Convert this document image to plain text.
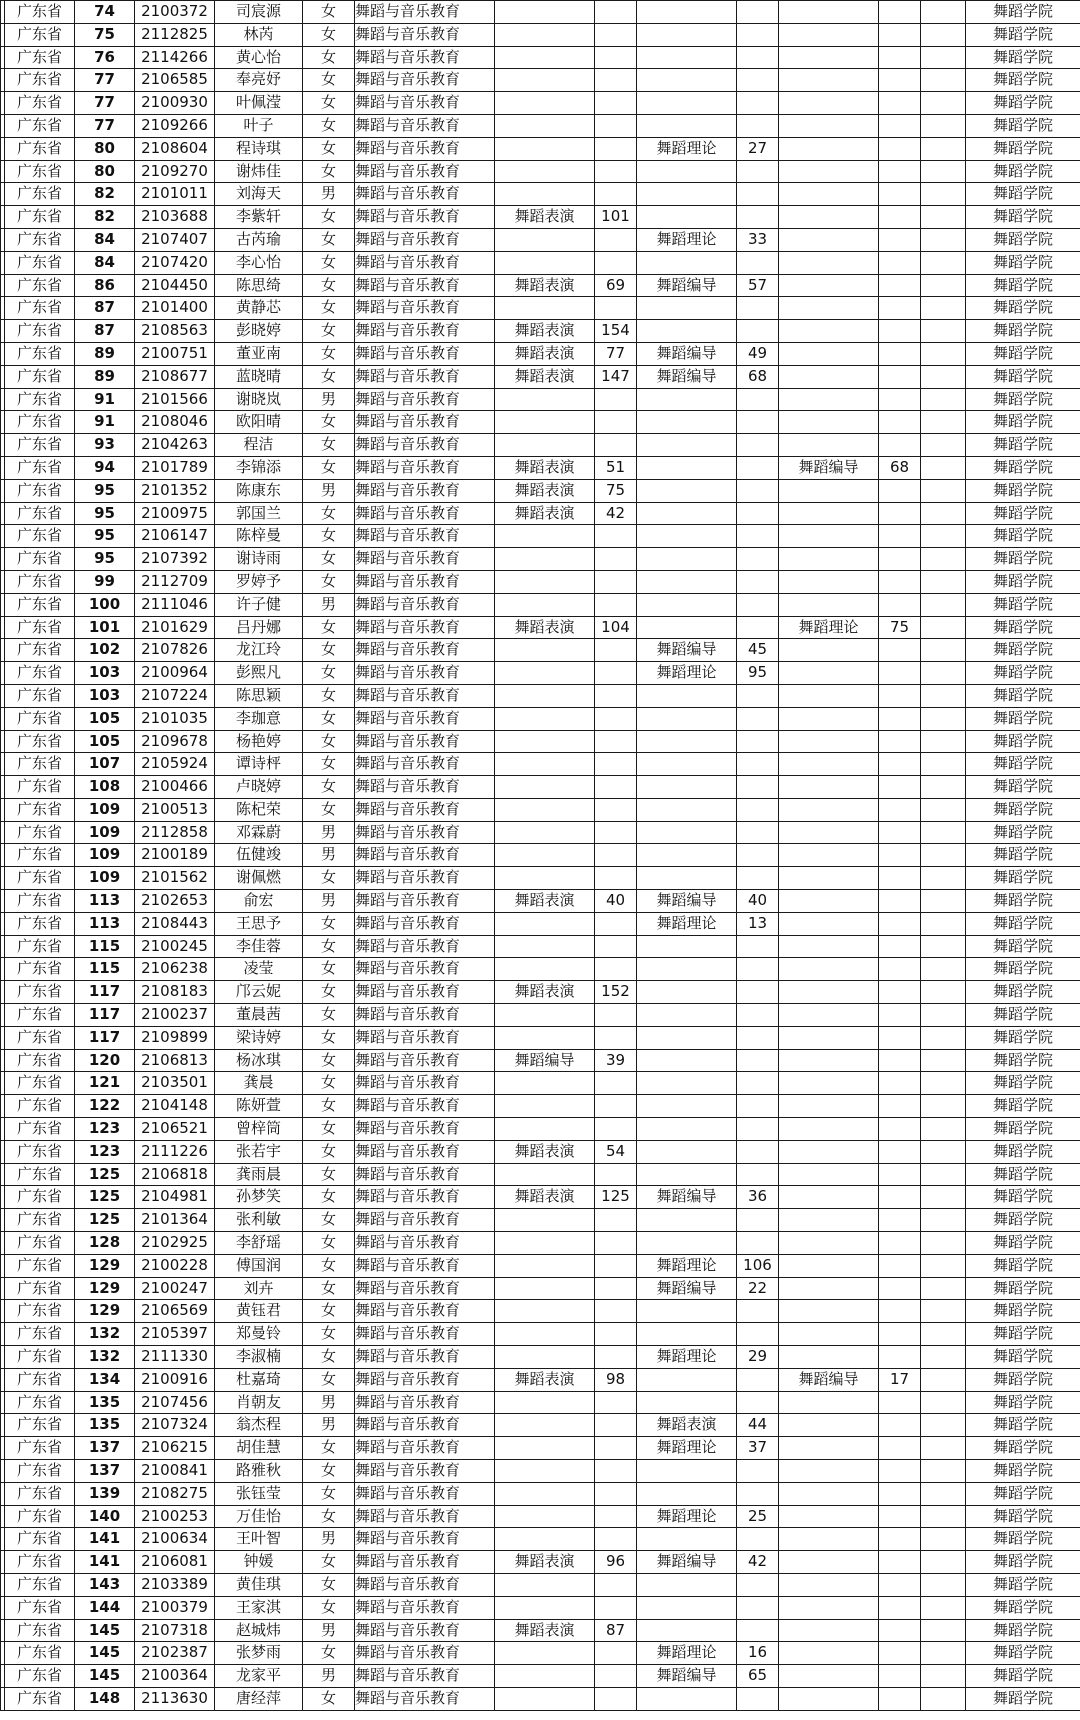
	广东省	74	2100372	司宸源	女	舞蹈与音乐教育								舞蹈学院
	广东省	75	2112825	林芮	女	舞蹈与音乐教育								舞蹈学院
	广东省	76	2114266	黄心怡	女	舞蹈与音乐教育								舞蹈学院
	广东省	77	2106585	奉亮妤	女	舞蹈与音乐教育								舞蹈学院
	广东省	77	2100930	叶佩滢	女	舞蹈与音乐教育								舞蹈学院
	广东省	77	2109266	叶子	女	舞蹈与音乐教育								舞蹈学院
	广东省	80	2108604	程诗琪	女	舞蹈与音乐教育			舞蹈理论	27				舞蹈学院
	广东省	80	2109270	谢炜佳	女	舞蹈与音乐教育								舞蹈学院
	广东省	82	2101011	刘海天	男	舞蹈与音乐教育								舞蹈学院
	广东省	82	2103688	李紫轩	女	舞蹈与音乐教育	舞蹈表演	101						舞蹈学院
	广东省	84	2107407	古芮瑜	女	舞蹈与音乐教育			舞蹈理论	33				舞蹈学院
	广东省	84	2107420	李心怡	女	舞蹈与音乐教育								舞蹈学院
	广东省	86	2104450	陈思绮	女	舞蹈与音乐教育	舞蹈表演	69	舞蹈编导	57				舞蹈学院
	广东省	87	2101400	黄静芯	女	舞蹈与音乐教育								舞蹈学院
	广东省	87	2108563	彭晓婷	女	舞蹈与音乐教育	舞蹈表演	154						舞蹈学院
	广东省	89	2100751	董亚南	女	舞蹈与音乐教育	舞蹈表演	77	舞蹈编导	49				舞蹈学院
	广东省	89	2108677	蓝晓晴	女	舞蹈与音乐教育	舞蹈表演	147	舞蹈编导	68				舞蹈学院
	广东省	91	2101566	谢晓岚	男	舞蹈与音乐教育								舞蹈学院
	广东省	91	2108046	欧阳晴	女	舞蹈与音乐教育								舞蹈学院
	广东省	93	2104263	程洁	女	舞蹈与音乐教育								舞蹈学院
	广东省	94	2101789	李锦添	女	舞蹈与音乐教育	舞蹈表演	51			舞蹈编导	68		舞蹈学院
	广东省	95	2101352	陈康东	男	舞蹈与音乐教育	舞蹈表演	75						舞蹈学院
	广东省	95	2100975	郭国兰	女	舞蹈与音乐教育	舞蹈表演	42						舞蹈学院
	广东省	95	2106147	陈梓曼	女	舞蹈与音乐教育								舞蹈学院
	广东省	95	2107392	谢诗雨	女	舞蹈与音乐教育								舞蹈学院
	广东省	99	2112709	罗婷予	女	舞蹈与音乐教育								舞蹈学院
	广东省	100	2111046	许子健	男	舞蹈与音乐教育								舞蹈学院
	广东省	101	2101629	吕丹娜	女	舞蹈与音乐教育	舞蹈表演	104			舞蹈理论	75		舞蹈学院
	广东省	102	2107826	龙江玲	女	舞蹈与音乐教育			舞蹈编导	45				舞蹈学院
	广东省	103	2100964	彭熙凡	女	舞蹈与音乐教育			舞蹈理论	95				舞蹈学院
	广东省	103	2107224	陈思颖	女	舞蹈与音乐教育								舞蹈学院
	广东省	105	2101035	李珈意	女	舞蹈与音乐教育								舞蹈学院
	广东省	105	2109678	杨艳婷	女	舞蹈与音乐教育								舞蹈学院
	广东省	107	2105924	谭诗枰	女	舞蹈与音乐教育								舞蹈学院
	广东省	108	2100466	卢晓婷	女	舞蹈与音乐教育								舞蹈学院
	广东省	109	2100513	陈杞荣	女	舞蹈与音乐教育								舞蹈学院
	广东省	109	2112858	邓霖蔚	男	舞蹈与音乐教育								舞蹈学院
	广东省	109	2100189	伍健竣	男	舞蹈与音乐教育								舞蹈学院
	广东省	109	2101562	谢佩燃	女	舞蹈与音乐教育								舞蹈学院
	广东省	113	2102653	俞宏	男	舞蹈与音乐教育	舞蹈表演	40	舞蹈编导	40				舞蹈学院
	广东省	113	2108443	王思予	女	舞蹈与音乐教育			舞蹈理论	13				舞蹈学院
	广东省	115	2100245	李佳蓉	女	舞蹈与音乐教育								舞蹈学院
	广东省	115	2106238	凌莹	女	舞蹈与音乐教育								舞蹈学院
	广东省	117	2108183	邝云妮	女	舞蹈与音乐教育	舞蹈表演	152						舞蹈学院
	广东省	117	2100237	董晨茜	女	舞蹈与音乐教育								舞蹈学院
	广东省	117	2109899	梁诗婷	女	舞蹈与音乐教育								舞蹈学院
	广东省	120	2106813	杨冰琪	女	舞蹈与音乐教育	舞蹈编导	39						舞蹈学院
	广东省	121	2103501	龚晨	女	舞蹈与音乐教育								舞蹈学院
	广东省	122	2104148	陈妍萱	女	舞蹈与音乐教育								舞蹈学院
	广东省	123	2106521	曾梓筒	女	舞蹈与音乐教育								舞蹈学院
	广东省	123	2111226	张若宇	女	舞蹈与音乐教育	舞蹈表演	54						舞蹈学院
	广东省	125	2106818	龚雨晨	女	舞蹈与音乐教育								舞蹈学院
	广东省	125	2104981	孙梦笑	女	舞蹈与音乐教育	舞蹈表演	125	舞蹈编导	36				舞蹈学院
	广东省	125	2101364	张利敏	女	舞蹈与音乐教育								舞蹈学院
	广东省	128	2102925	李舒瑶	女	舞蹈与音乐教育								舞蹈学院
	广东省	129	2100228	傅国润	女	舞蹈与音乐教育			舞蹈理论	106				舞蹈学院
	广东省	129	2100247	刘卉	女	舞蹈与音乐教育			舞蹈编导	22				舞蹈学院
	广东省	129	2106569	黄钰君	女	舞蹈与音乐教育								舞蹈学院
	广东省	132	2105397	郑曼铃	女	舞蹈与音乐教育								舞蹈学院
	广东省	132	2111330	李淑楠	女	舞蹈与音乐教育			舞蹈理论	29				舞蹈学院
	广东省	134	2100916	杜嘉琦	女	舞蹈与音乐教育	舞蹈表演	98			舞蹈编导	17		舞蹈学院
	广东省	135	2107456	肖朝友	男	舞蹈与音乐教育								舞蹈学院
	广东省	135	2107324	翁杰程	男	舞蹈与音乐教育			舞蹈表演	44				舞蹈学院
	广东省	137	2106215	胡佳慧	女	舞蹈与音乐教育			舞蹈理论	37				舞蹈学院
	广东省	137	2100841	路雅秋	女	舞蹈与音乐教育								舞蹈学院
	广东省	139	2108275	张钰莹	女	舞蹈与音乐教育								舞蹈学院
	广东省	140	2100253	万佳怡	女	舞蹈与音乐教育			舞蹈理论	25				舞蹈学院
	广东省	141	2100634	王叶智	男	舞蹈与音乐教育								舞蹈学院
	广东省	141	2106081	钟媛	女	舞蹈与音乐教育	舞蹈表演	96	舞蹈编导	42				舞蹈学院
	广东省	143	2103389	黄佳琪	女	舞蹈与音乐教育								舞蹈学院
	广东省	144	2100379	王家淇	女	舞蹈与音乐教育								舞蹈学院
	广东省	145	2107318	赵城炜	男	舞蹈与音乐教育	舞蹈表演	87						舞蹈学院
	广东省	145	2102387	张梦雨	女	舞蹈与音乐教育			舞蹈理论	16				舞蹈学院
	广东省	145	2100364	龙家平	男	舞蹈与音乐教育			舞蹈编导	65				舞蹈学院
	广东省	148	2113630	唐经萍	女	舞蹈与音乐教育								舞蹈学院
